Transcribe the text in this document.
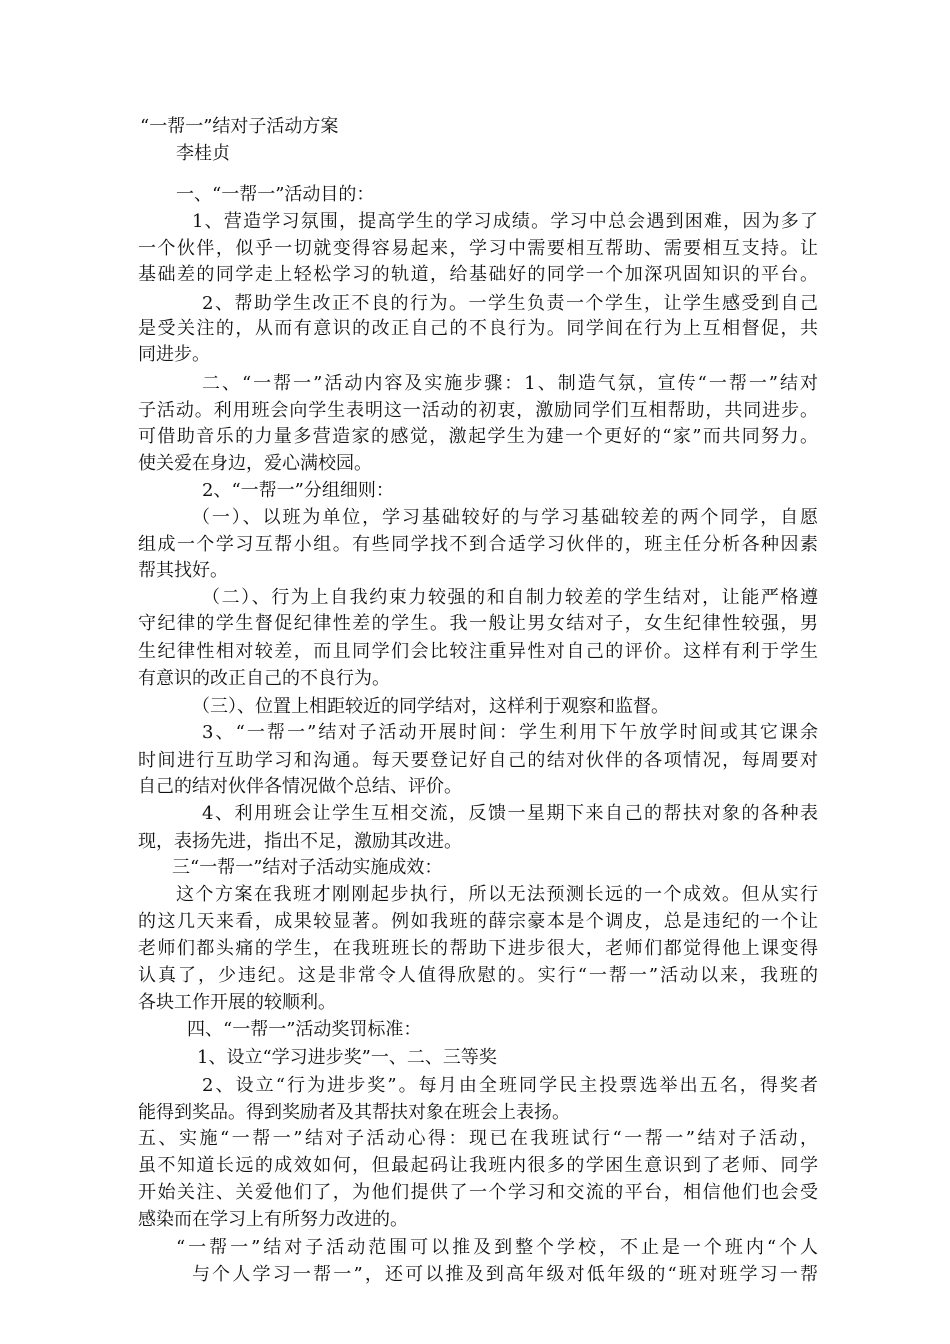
“一帮一”结对子活动方案
李桂贞
一、“一帮一”活动目的：
1、营造学习氛围，提高学生的学习成绩。学习中总会遇到困难，因为多了
一个伙伴，似乎一切就变得容易起来，学习中需要相互帮助、需要相互支持。让
基础差的同学走上轻松学习的轨道，给基础好的同学一个加深巩固知识的平台。
2、帮助学生改正不良的行为。一学生负责一个学生，让学生感受到自己
是受关注的，从而有意识的改正自己的不良行为。同学间在行为上互相督促，共
同进步。
二、“一帮一”活动内容及实施步骤：1、制造气氛，宣传“一帮一”结对
子活动。利用班会向学生表明这一活动的初衷，激励同学们互相帮助，共同进步。
可借助音乐的力量多营造家的感觉，激起学生为建一个更好的“家”而共同努力。
使关爱在身边，爱心满校园。
2、“一帮一”分组细则：
（一）、以班为单位，学习基础较好的与学习基础较差的两个同学，自愿
组成一个学习互帮小组。有些同学找不到合适学习伙伴的，班主任分析各种因素
帮其找好。
（二）、行为上自我约束力较强的和自制力较差的学生结对，让能严格遵
守纪律的学生督促纪律性差的学生。我一般让男女结对子，女生纪律性较强，男
生纪律性相对较差，而且同学们会比较注重异性对自己的评价。这样有利于学生
有意识的改正自己的不良行为。
（三）、位置上相距较近的同学结对，这样利于观察和监督。
3、“一帮一”结对子活动开展时间：学生利用下午放学时间或其它课余
时间进行互助学习和沟通。每天要登记好自己的结对伙伴的各项情况，每周要对
自己的结对伙伴各情况做个总结、评价。
4、利用班会让学生互相交流，反馈一星期下来自己的帮扶对象的各种表
现，表扬先进，指出不足，激励其改进。
三“一帮一”结对子活动实施成效：
这个方案在我班才刚刚起步执行，所以无法预测长远的一个成效。但从实行
的这几天来看，成果较显著。例如我班的薛宗豪本是个调皮，总是违纪的一个让
老师们都头痛的学生，在我班班长的帮助下进步很大，老师们都觉得他上课变得
认真了，少违纪。这是非常令人值得欣慰的。实行“一帮一”活动以来，我班的
各块工作开展的较顺利。
四、“一帮一”活动奖罚标准：
1、设立“学习进步奖”一、二、三等奖
2、设立“行为进步奖”。每月由全班同学民主投票选举出五名，得奖者
能得到奖品。得到奖励者及其帮扶对象在班会上表扬。
五、实施“一帮一”结对子活动心得：现已在我班试行“一帮一”结对子活动，
虽不知道长远的成效如何，但最起码让我班内很多的学困生意识到了老师、同学
开始关注、关爱他们了，为他们提供了一个学习和交流的平台，相信他们也会受
感染而在学习上有所努力改进的。
“一帮一”结对子活动范围可以推及到整个学校，不止是一个班内“个人
与个人学习一帮一”，还可以推及到高年级对低年级的“班对班学习一帮
